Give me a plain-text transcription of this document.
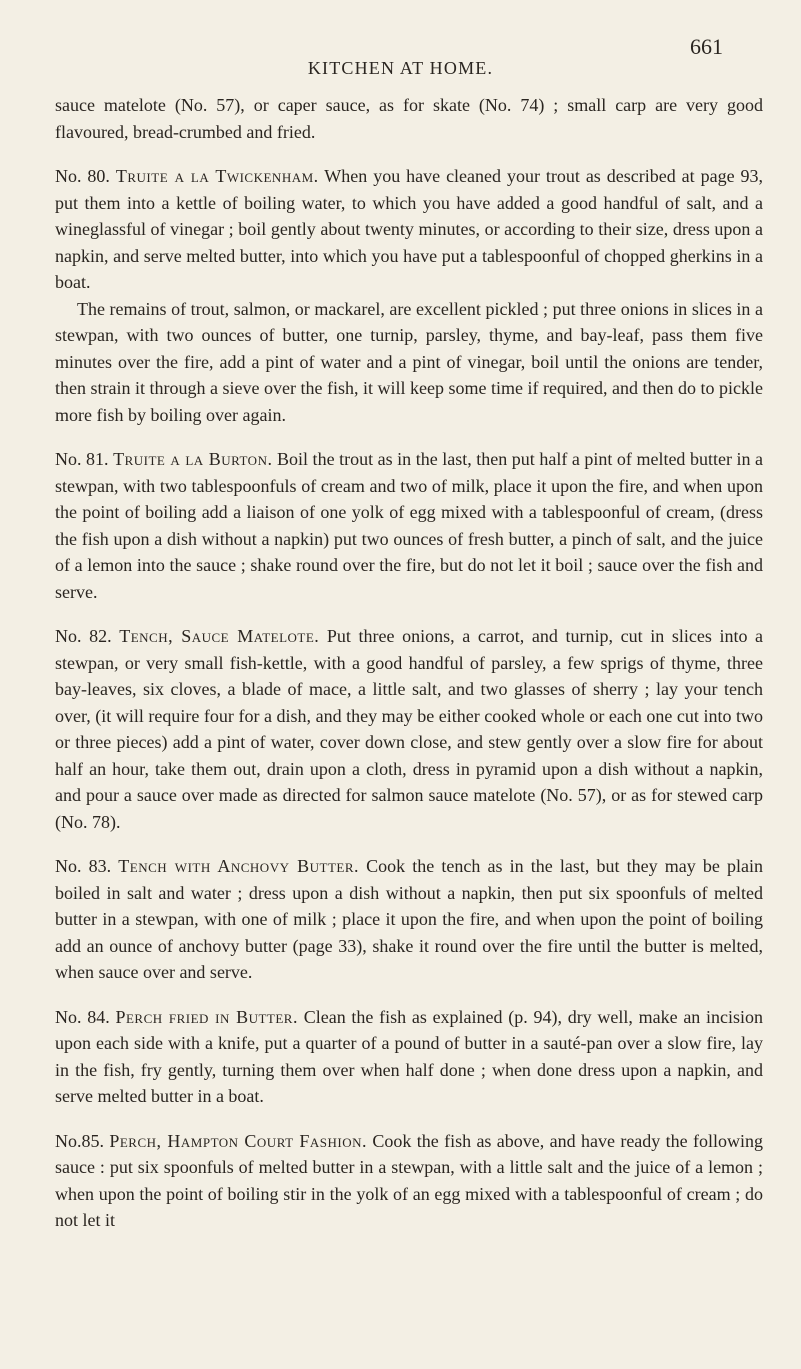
KITCHEN AT HOME.
661

sauce matelote (No. 57), or caper sauce, as for skate (No. 74) ; small carp are very good flavoured, bread-crumbed and fried.

No. 80. Truite a la Twickenham. When you have cleaned your trout as described at page 93, put them into a kettle of boiling water, to which you have added a good handful of salt, and a wineglassful of vinegar ; boil gently about twenty minutes, or according to their size, dress upon a napkin, and serve melted butter, into which you have put a tablespoonful of chopped gherkins in a boat.

The remains of trout, salmon, or mackarel, are excellent pickled ; put three onions in slices in a stewpan, with two ounces of butter, one turnip, parsley, thyme, and bay-leaf, pass them five minutes over the fire, add a pint of water and a pint of vinegar, boil until the onions are tender, then strain it through a sieve over the fish, it will keep some time if required, and then do to pickle more fish by boiling over again.

No. 81. Truite a la Burton. Boil the trout as in the last, then put half a pint of melted butter in a stewpan, with two tablespoonfuls of cream and two of milk, place it upon the fire, and when upon the point of boiling add a liaison of one yolk of egg mixed with a tablespoonful of cream, (dress the fish upon a dish without a napkin) put two ounces of fresh butter, a pinch of salt, and the juice of a lemon into the sauce ; shake round over the fire, but do not let it boil ; sauce over the fish and serve.

No. 82. Tench, Sauce Matelote. Put three onions, a carrot, and turnip, cut in slices into a stewpan, or very small fish-kettle, with a good handful of parsley, a few sprigs of thyme, three bay-leaves, six cloves, a blade of mace, a little salt, and two glasses of sherry ; lay your tench over, (it will require four for a dish, and they may be either cooked whole or each one cut into two or three pieces) add a pint of water, cover down close, and stew gently over a slow fire for about half an hour, take them out, drain upon a cloth, dress in pyramid upon a dish without a napkin, and pour a sauce over made as directed for salmon sauce matelote (No. 57), or as for stewed carp (No. 78).

No. 83. Tench with Anchovy Butter. Cook the tench as in the last, but they may be plain boiled in salt and water ; dress upon a dish without a napkin, then put six spoonfuls of melted butter in a stewpan, with one of milk ; place it upon the fire, and when upon the point of boiling add an ounce of anchovy butter (page 33), shake it round over the fire until the butter is melted, when sauce over and serve.

No. 84. Perch fried in Butter. Clean the fish as explained (p. 94), dry well, make an incision upon each side with a knife, put a quarter of a pound of butter in a sauté-pan over a slow fire, lay in the fish, fry gently, turning them over when half done ; when done dress upon a napkin, and serve melted butter in a boat.

No.85. Perch, Hampton Court Fashion. Cook the fish as above, and have ready the following sauce : put six spoonfuls of melted butter in a stewpan, with a little salt and the juice of a lemon ; when upon the point of boiling stir in the yolk of an egg mixed with a tablespoonful of cream ; do not let it
